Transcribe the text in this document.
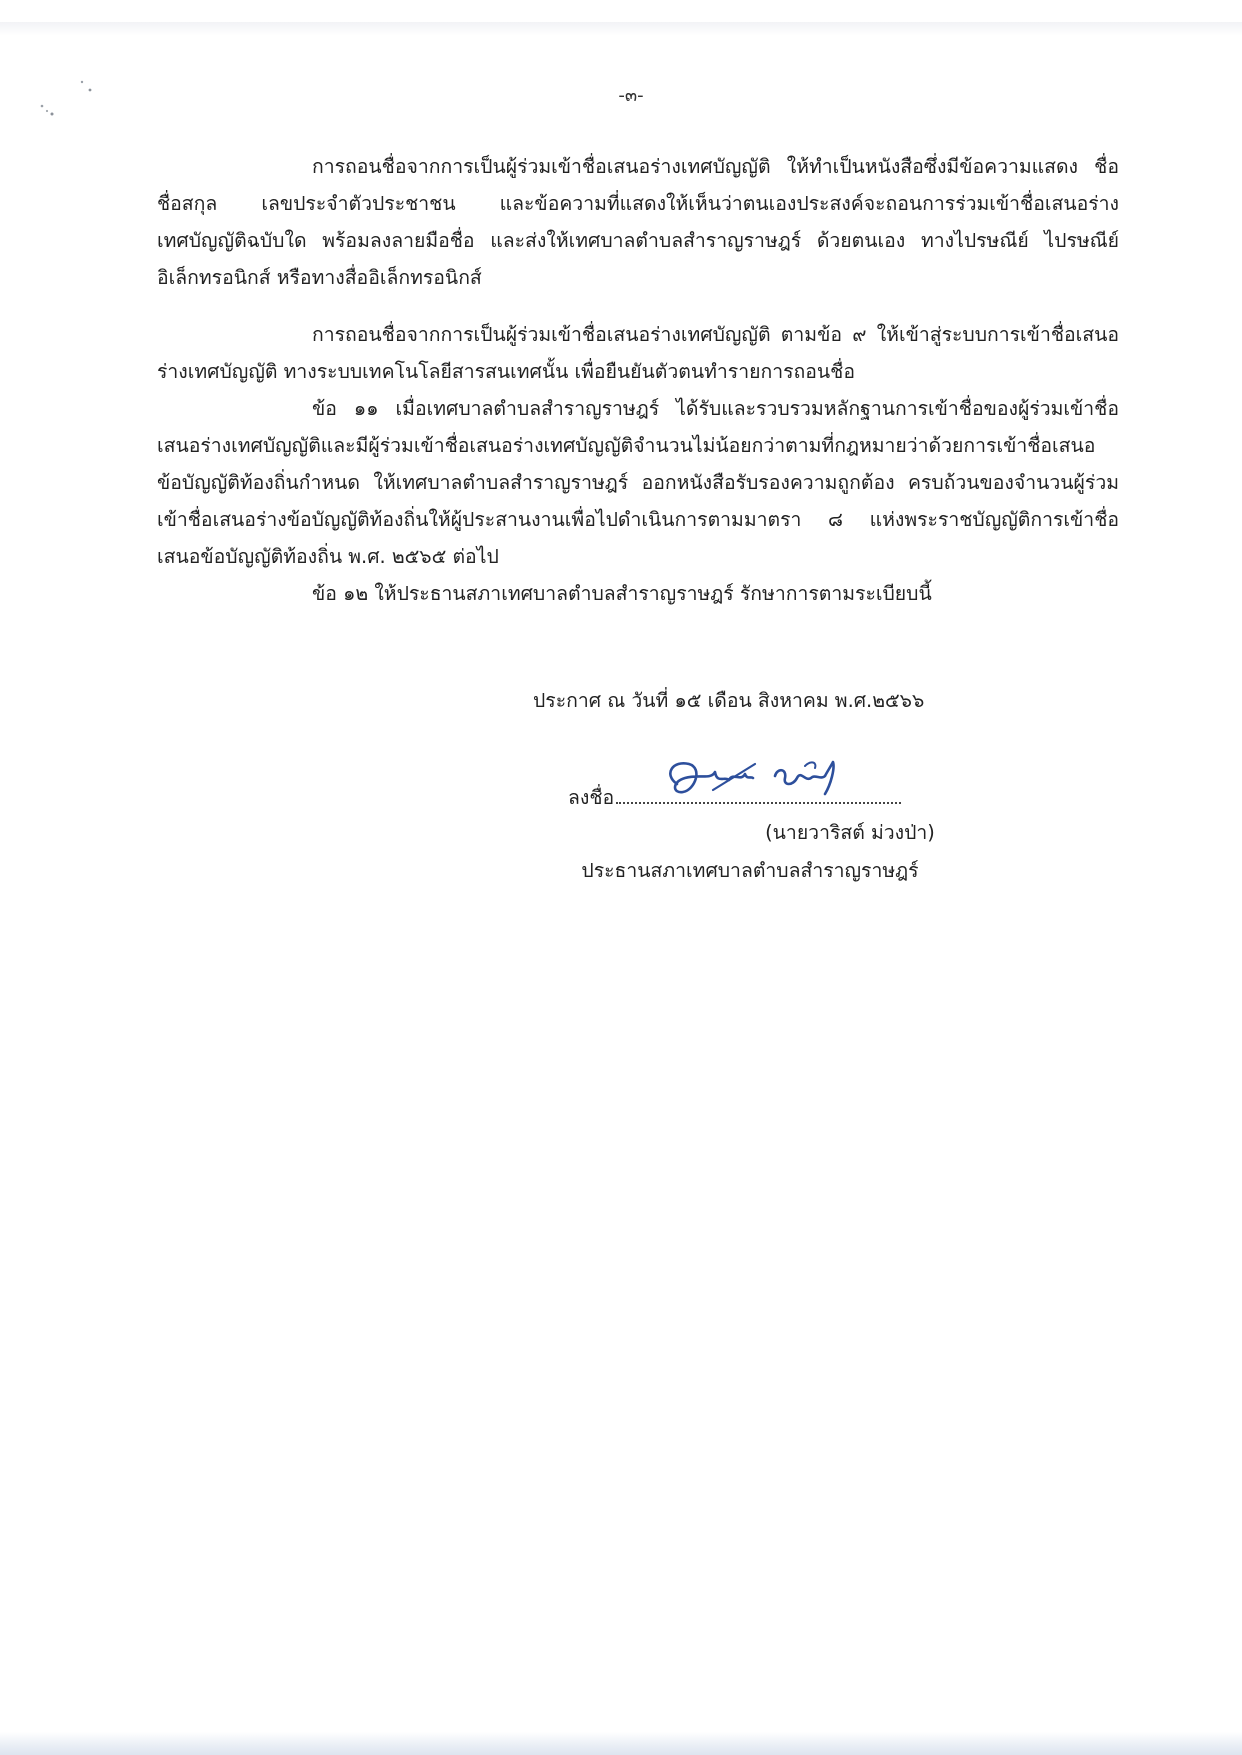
-๓-

การถอนชื่อจากการเป็นผู้ร่วมเข้าชื่อเสนอร่างเทศบัญญัติ ให้ทำเป็นหนังสือซึ่งมีข้อความแสดง ชื่อ ชื่อสกุล เลขประจำตัวประชาชน และข้อความที่แสดงให้เห็นว่าตนเองประสงค์จะถอนการร่วมเข้าชื่อเสนอร่างเทศบัญญัติฉบับใด พร้อมลงลายมือชื่อ และส่งให้เทศบาลตำบลสำราญราษฎร์ ด้วยตนเอง ทางไปรษณีย์ ไปรษณีย์อิเล็กทรอนิกส์ หรือทางสื่ออิเล็กทรอนิกส์

การถอนชื่อจากการเป็นผู้ร่วมเข้าชื่อเสนอร่างเทศบัญญัติ ตามข้อ ๙ ให้เข้าสู่ระบบการเข้าชื่อเสนอร่างเทศบัญญัติ ทางระบบเทคโนโลยีสารสนเทศนั้น เพื่อยืนยันตัวตนทำรายการถอนชื่อ

ข้อ ๑๑ เมื่อเทศบาลตำบลสำราญราษฎร์ ได้รับและรวบรวมหลักฐานการเข้าชื่อของผู้ร่วมเข้าชื่อเสนอร่างเทศบัญญัติและมีผู้ร่วมเข้าชื่อเสนอร่างเทศบัญญัติจำนวนไม่น้อยกว่าตามที่กฎหมายว่าด้วยการเข้าชื่อเสนอข้อบัญญัติท้องถิ่นกำหนด ให้เทศบาลตำบลสำราญราษฎร์ ออกหนังสือรับรองความถูกต้อง ครบถ้วนของจำนวนผู้ร่วมเข้าชื่อเสนอร่างข้อบัญญัติท้องถิ่นให้ผู้ประสานงานเพื่อไปดำเนินการตามมาตรา ๘ แห่งพระราชบัญญัติการเข้าชื่อเสนอข้อบัญญัติท้องถิ่น พ.ศ. ๒๕๖๕ ต่อไป

ข้อ ๑๒ ให้ประธานสภาเทศบาลตำบลสำราญราษฎร์ รักษาการตามระเบียบนี้

ประกาศ ณ วันที่ ๑๕ เดือน สิงหาคม พ.ศ.๒๕๖๖
ลงชื่อ
(นายวาริสต์ ม่วงป่า)
ประธานสภาเทศบาลตำบลสำราญราษฎร์
